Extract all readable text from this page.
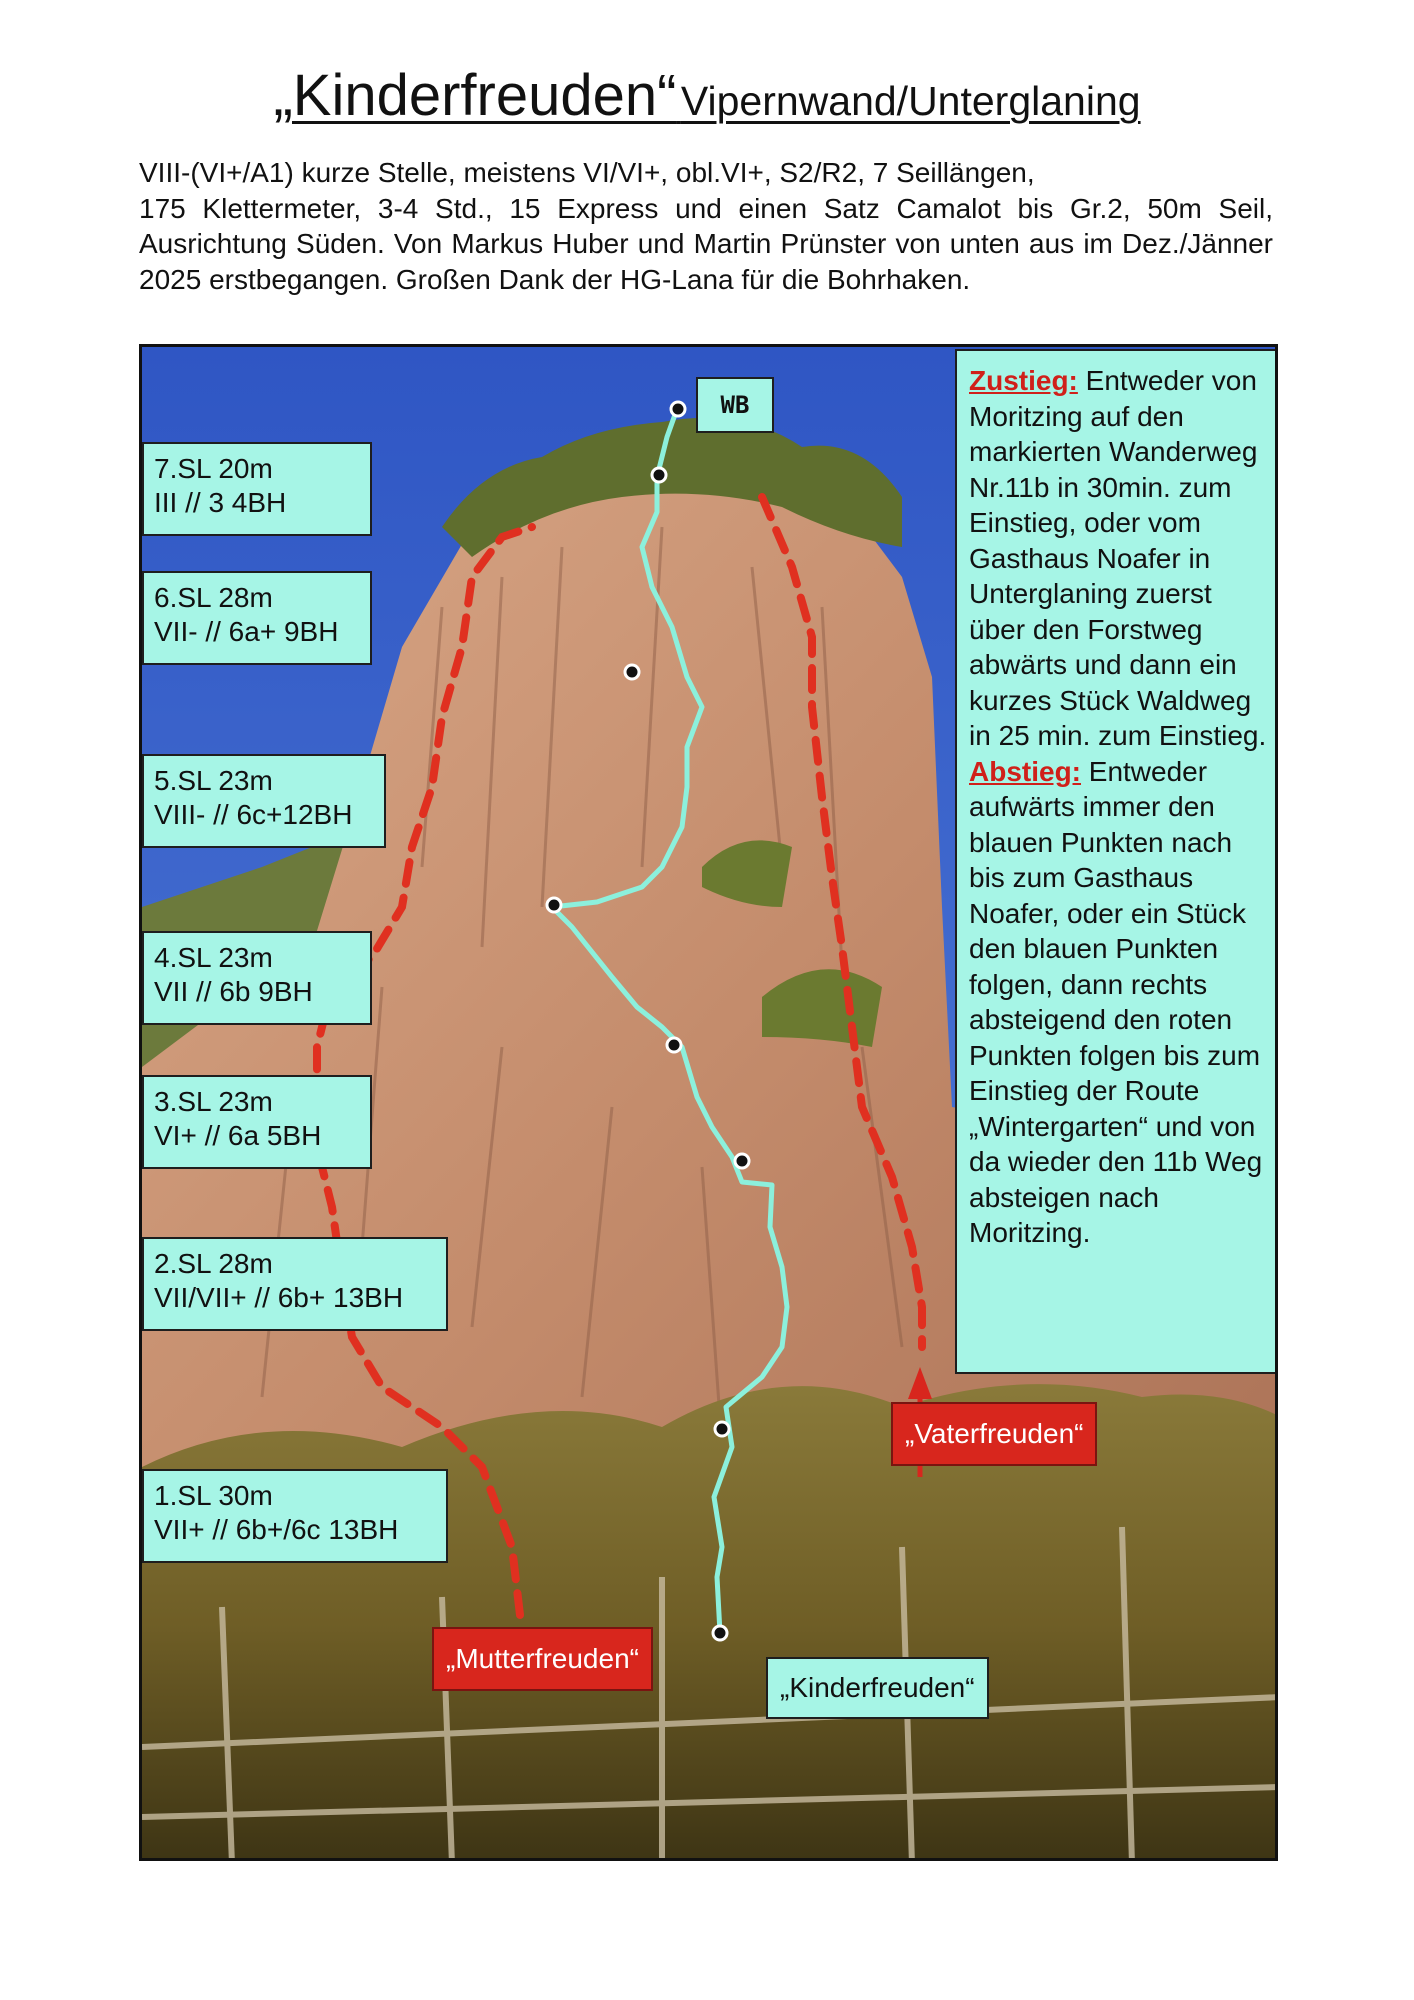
„Kinderfreuden“ Vipernwand/Unterglaning

VIII-(VI+/A1) kurze Stelle, meistens VI/VI+, obl.VI+, S2/R2, 7 Seillängen,

175 Klettermeter, 3-4 Std., 15 Express und einen Satz Camalot bis Gr.2, 50m Seil, Ausrichtung Süden. Von Markus Huber und Martin Prünster von unten aus im Dez./Jänner 2025 erstbegangen. Großen Dank der HG-Lana für die Bohrhaken.

7.SL 20m
III // 3 4BH
6.SL 28m
VII- // 6a+ 9BH
5.SL 23m
VIII- // 6c+12BH
4.SL 23m
VII // 6b 9BH
3.SL 23m
VI+ // 6a 5BH
2.SL 28m
VII/VII+ // 6b+ 13BH
1.SL 30m
VII+ // 6b+/6c 13BH
WB
Zustieg: Entweder von Moritzing auf den markierten Wanderweg Nr.11b in 30min. zum Einstieg, oder vom Gasthaus Noafer in Unterglaning zuerst über den Forstweg abwärts und dann ein kurzes Stück Waldweg in 25 min. zum Einstieg.
Abstieg: Entweder aufwärts immer den blauen Punkten nach bis zum Gasthaus Noafer, oder ein Stück den blauen Punkten folgen, dann rechts absteigend den roten Punkten folgen bis zum Einstieg der Route „Wintergarten“ und von da wieder den 11b Weg absteigen nach Moritzing.
„Vaterfreuden“
„Mutterfreuden“
„Kinderfreuden“
